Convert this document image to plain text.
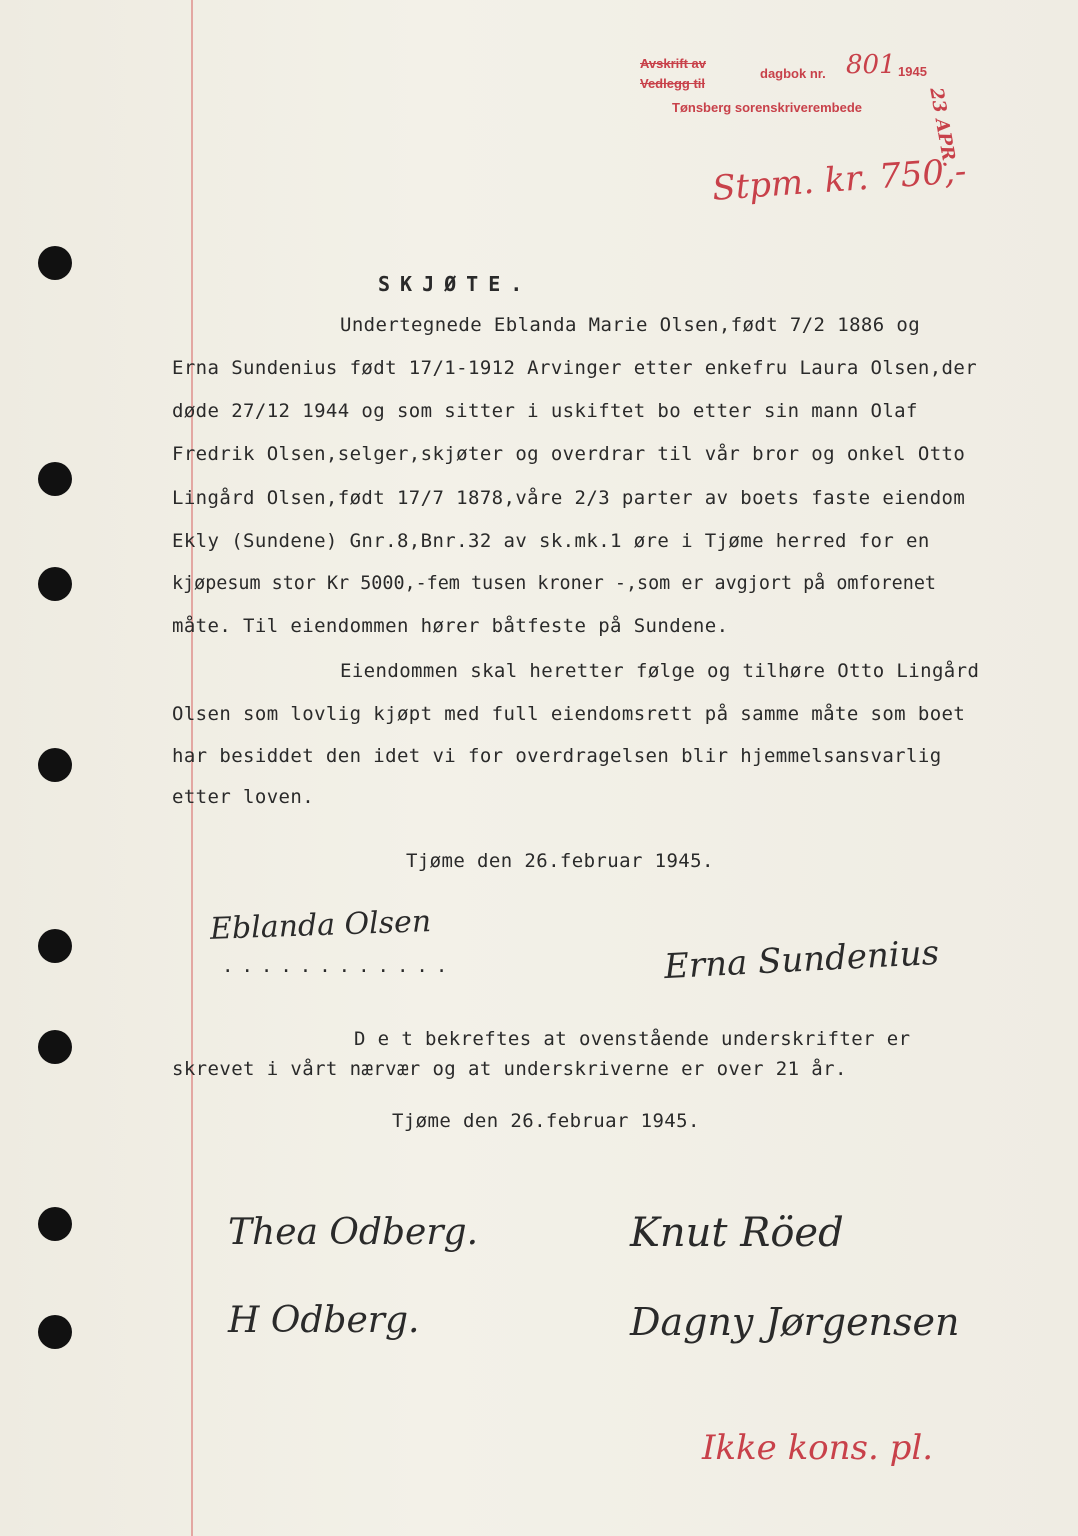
Avskrift av
Vedlegg til
dagbok nr. 801 1945
23 APR.
Tønsberg sorenskriverembede
Stpm. kr. 750,-
SKJØTE.
Undertegnede Eblanda Marie Olsen,født 7/2 1886 og
Erna Sundenius født 17/1-1912 Arvinger etter enkefru Laura Olsen,der
døde 27/12 1944 og som sitter i uskiftet bo etter sin mann Olaf
Fredrik Olsen,selger,skjøter og overdrar til vår bror og onkel Otto
Lingård Olsen,født 17/7 1878,våre 2/3 parter av boets faste eiendom
Ekly (Sundene) Gnr.8,Bnr.32 av sk.mk.1 øre i Tjøme herred for en
kjøpesum stor Kr 5000,-fem tusen kroner -,som er avgjort på omforenet
måte. Til eiendommen hører båtfeste på Sundene.
Eiendommen skal heretter følge og tilhøre Otto Lingård
Olsen som lovlig kjøpt med full eiendomsrett på samme måte som boet
har besiddet den idet vi for overdragelsen blir hjemmelsansvarlig
etter loven.
Tjøme den 26.februar 1945.
Eblanda Olsen
............	Erna Sundenius
D e t bekreftes at ovenstående underskrifter er
skrevet i vårt nærvær og at underskriverne er over 21 år.
Tjøme den 26.februar 1945.
Thea Odberg.
H Odberg.
Knut Röed
Dagny Jørgensen
Ikke kons. pl.
